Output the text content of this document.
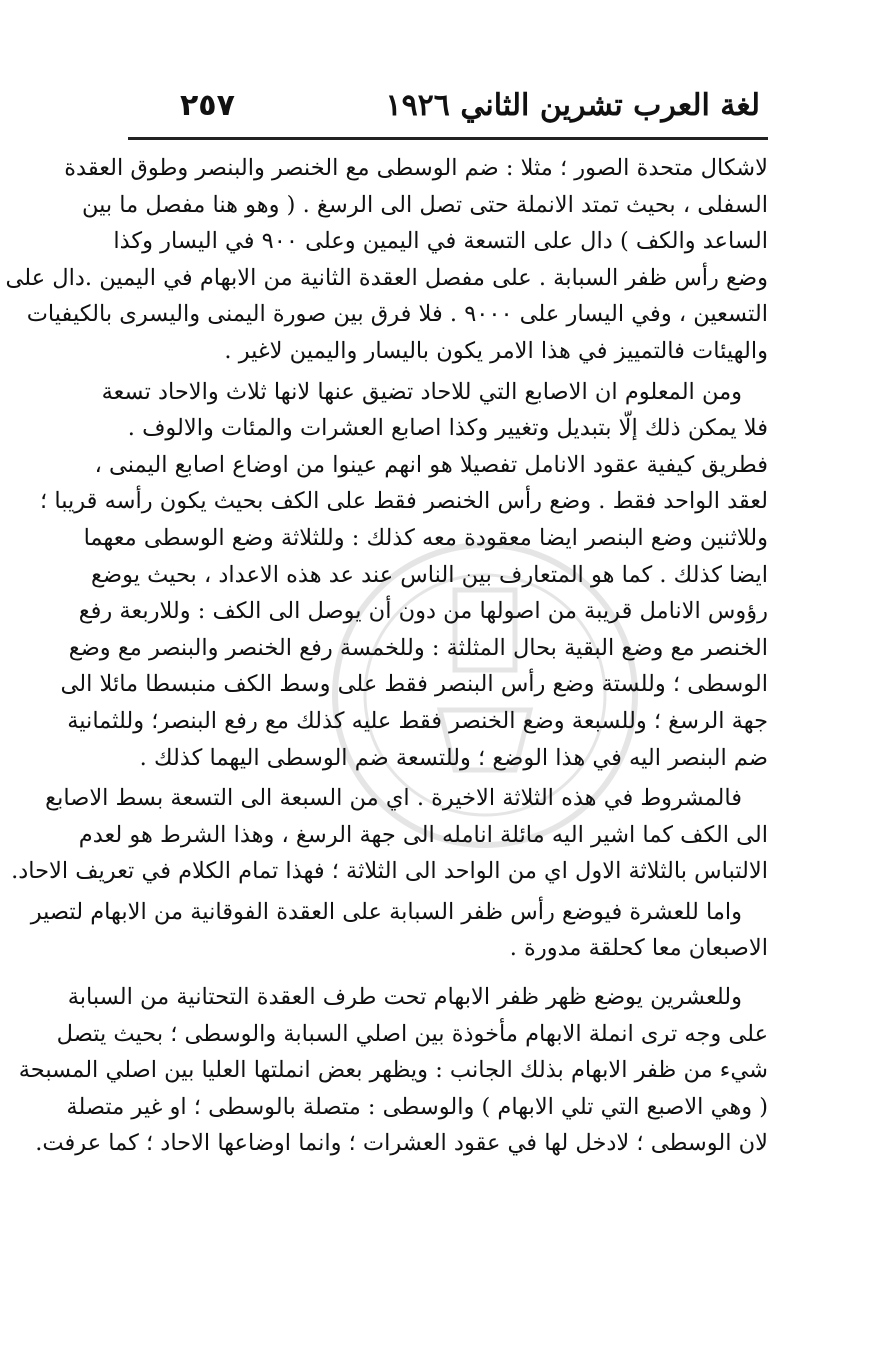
٢٥٧	لغة العرب تشرين الثاني ١٩٢٦
لاشكال متحدة الصور ؛ مثلا : ضم الوسطى مع الخنصر والبنصر وطوق العقدة
السفلى ، بحيث تمتد الانملة حتى تصل الى الرسغ . ( وهو هنا مفصل ما بين
الساعد والكف ) دال على التسعة في اليمين وعلى ٩٠٠ في اليسار وكذا
وضع رأس ظفر السبابة . على مفصل العقدة الثانية من الابهام في اليمين .دال على
التسعين ، وفي اليسار على ٩٠٠٠ . فلا فرق بين صورة اليمنى واليسرى بالكيفيات
والهيئات فالتمييز في هذا الامر يكون باليسار واليمين لاغير .
ومن المعلوم ان الاصابع التي للاحاد تضيق عنها لانها ثلاث والاحاد تسعة
فلا يمكن ذلك إلّا بتبديل وتغيير وكذا اصابع العشرات والمئات والالوف .
فطريق كيفية عقود الانامل تفصيلا هو انهم عينوا من اوضاع اصابع اليمنى ،
لعقد الواحد فقط . وضع رأس الخنصر فقط على الكف بحيث يكون رأسه قريبا ؛
وللاثنين وضع البنصر ايضا معقودة معه كذلك : وللثلاثة وضع الوسطى معهما
ايضا كذلك . كما هو المتعارف بين الناس عند عد هذه الاعداد ، بحيث يوضع
رؤوس الانامل قريبة من اصولها من دون أن يوصل الى الكف : وللاربعة رفع
الخنصر مع وضع البقية بحال المثلثة : وللخمسة رفع الخنصر والبنصر مع وضع
الوسطى ؛ وللستة وضع رأس البنصر فقط على وسط الكف منبسطا مائلا الى
جهة الرسغ ؛ وللسبعة وضع الخنصر فقط عليه كذلك مع رفع البنصر؛ وللثمانية
ضم البنصر اليه في هذا الوضع ؛ وللتسعة ضم الوسطى اليهما كذلك .
فالمشروط في هذه الثلاثة الاخيرة . اي من السبعة الى التسعة بسط الاصابع
الى الكف كما اشير اليه مائلة انامله الى جهة الرسغ ، وهذا الشرط هو لعدم
الالتباس بالثلاثة الاول اي من الواحد الى الثلاثة ؛ فهذا تمام الكلام في تعريف الاحاد.
واما للعشرة فيوضع رأس ظفر السبابة على العقدة الفوقانية من الابهام لتصير
الاصبعان معا كحلقة مدورة .
وللعشرين يوضع ظهر ظفر الابهام تحت طرف العقدة التحتانية من السبابة
على وجه ترى انملة الابهام مأخوذة بين اصلي السبابة والوسطى ؛ بحيث يتصل
شيء من ظفر الابهام بذلك الجانب : ويظهر بعض انملتها العليا بين اصلي المسبحة
( وهي الاصبع التي تلي الابهام ) والوسطى : متصلة بالوسطى ؛ او غير متصلة
لان الوسطى ؛ لادخل لها في عقود العشرات ؛ وانما اوضاعها الاحاد ؛ كما عرفت.
